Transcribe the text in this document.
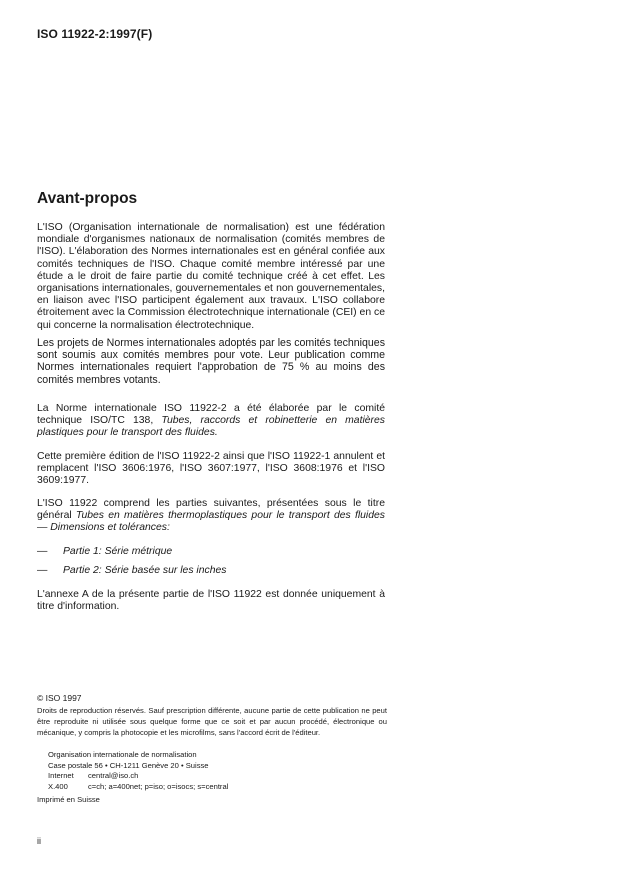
ISO 11922-2:1997(F)
Avant-propos
L'ISO (Organisation internationale de normalisation) est une fédération mondiale d'organismes nationaux de normalisation (comités membres de l'ISO). L'élaboration des Normes internationales est en général confiée aux comités techniques de l'ISO. Chaque comité membre intéressé par une étude a le droit de faire partie du comité technique créé à cet effet. Les organisations internationales, gouvernementales et non gouvernementales, en liaison avec l'ISO participent également aux travaux. L'ISO collabore étroitement avec la Commission électrotechnique internationale (CEI) en ce qui concerne la normalisation électrotechnique.
Les projets de Normes internationales adoptés par les comités techniques sont soumis aux comités membres pour vote. Leur publication comme Normes internationales requiert l'approbation de 75 % au moins des comités membres votants.
La Norme internationale ISO 11922-2 a été élaborée par le comité technique ISO/TC 138, Tubes, raccords et robinetterie en matières plastiques pour le transport des fluides.
Cette première édition de l'ISO 11922-2 ainsi que l'ISO 11922-1 annulent et remplacent l'ISO 3606:1976, l'ISO 3607:1977, l'ISO 3608:1976 et l'ISO 3609:1977.
L'ISO 11922 comprend les parties suivantes, présentées sous le titre général Tubes en matières thermoplastiques pour le transport des fluides — Dimensions et tolérances:
— Partie 1: Série métrique
— Partie 2: Série basée sur les inches
L'annexe A de la présente partie de l'ISO 11922 est donnée uniquement à titre d'information.
© ISO 1997
Droits de reproduction réservés. Sauf prescription différente, aucune partie de cette publication ne peut être reproduite ni utilisée sous quelque forme que ce soit et par aucun procédé, électronique ou mécanique, y compris la photocopie et les microfilms, sans l'accord écrit de l'éditeur.
Organisation internationale de normalisation
Case postale 56 • CH-1211 Genève 20 • Suisse
Internet central@iso.ch
X.400	c=ch; a=400net; p=iso; o=isocs; s=central
Imprimé en Suisse
ii
